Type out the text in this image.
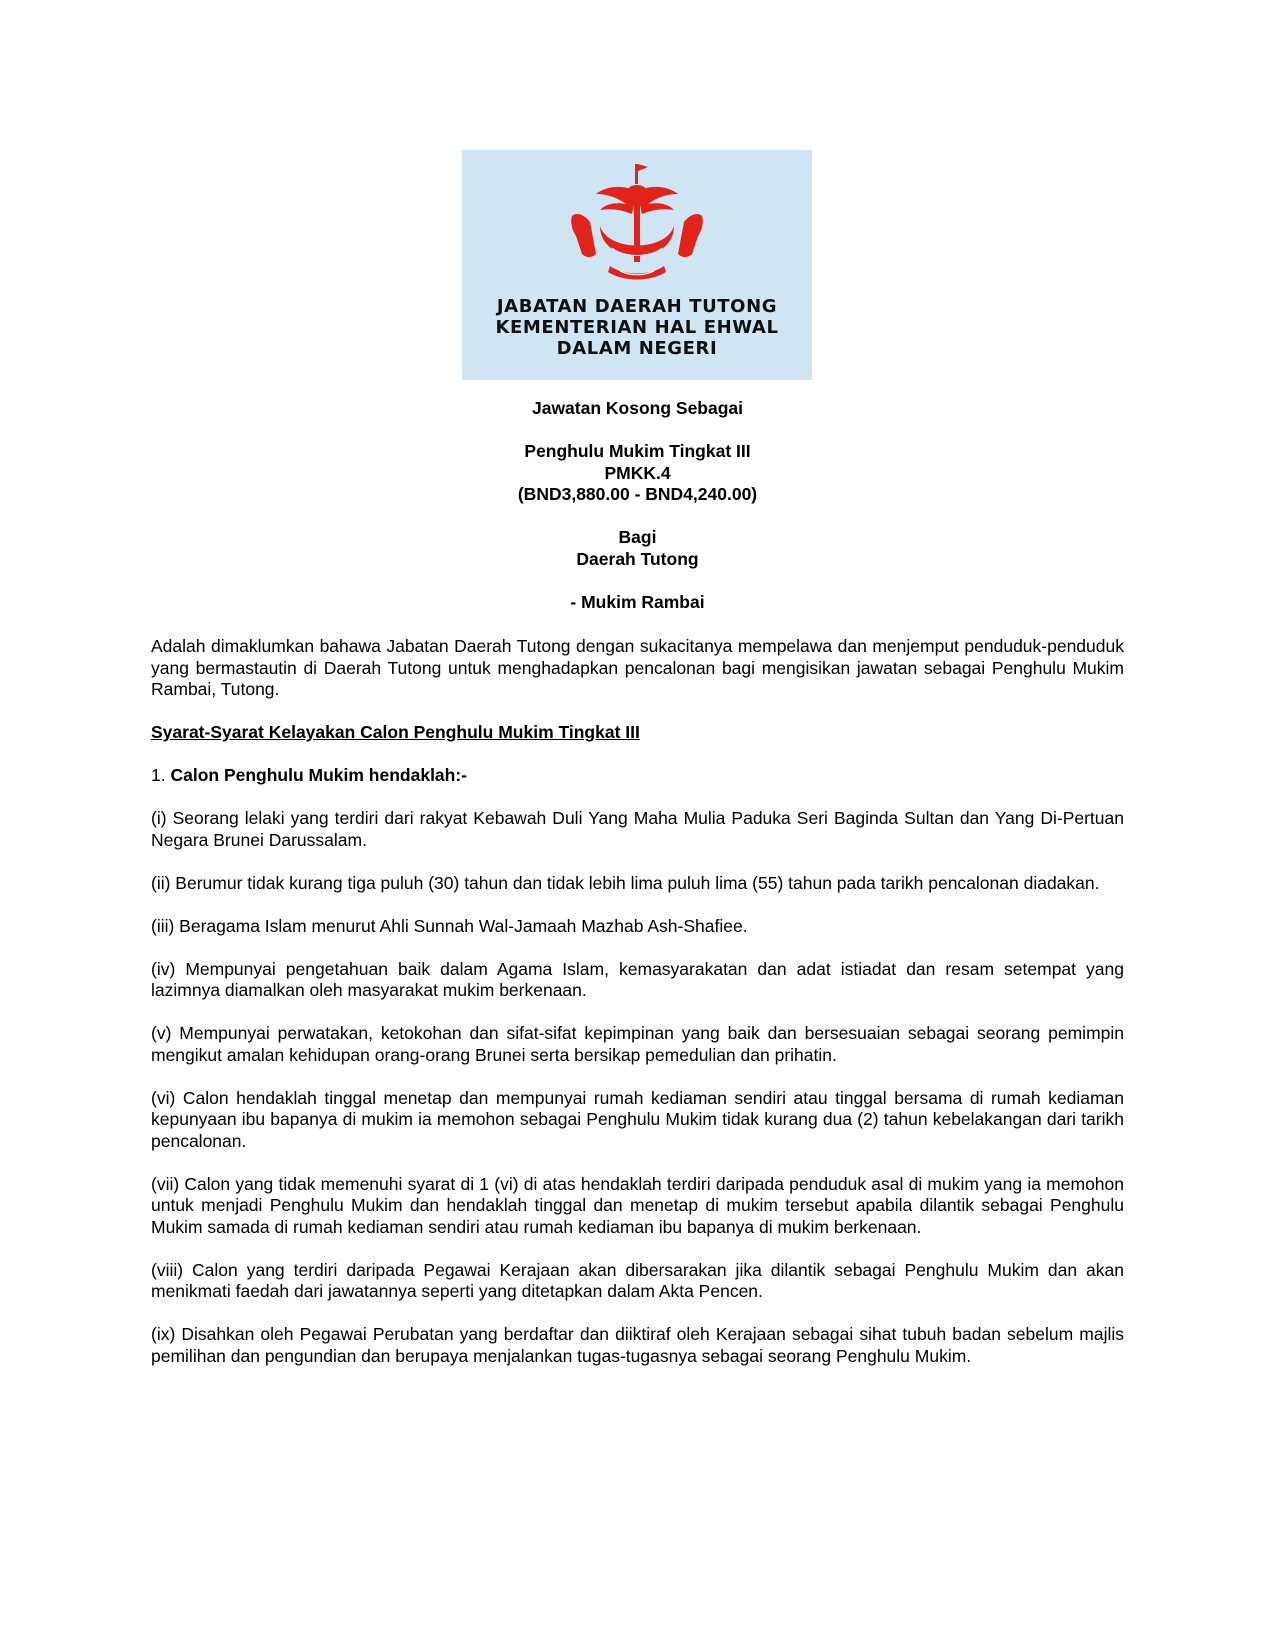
JABATAN DAERAH TUTONG
KEMENTERIAN HAL EHWAL
DALAM NEGERI
Jawatan Kosong Sebagai
Penghulu Mukim Tingkat III
PMKK.4
(BND3,880.00 - BND4,240.00)
Bagi
Daerah Tutong
- Mukim Rambai

Adalah dimaklumkan bahawa Jabatan Daerah Tutong dengan sukacitanya mempelawa dan menjemput penduduk-penduduk yang bermastautin di Daerah Tutong untuk menghadapkan pencalonan bagi mengisikan jawatan sebagai Penghulu Mukim Rambai, Tutong.

Syarat-Syarat Kelayakan Calon Penghulu Mukim Tingkat III

1. Calon Penghulu Mukim hendaklah:-

(i) Seorang lelaki yang terdiri dari rakyat Kebawah Duli Yang Maha Mulia Paduka Seri Baginda Sultan dan Yang Di-Pertuan Negara Brunei Darussalam.

(ii) Berumur tidak kurang tiga puluh (30) tahun dan tidak lebih lima puluh lima (55) tahun pada tarikh pencalonan diadakan.

(iii) Beragama Islam menurut Ahli Sunnah Wal-Jamaah Mazhab Ash-Shafiee.

(iv) Mempunyai pengetahuan baik dalam Agama Islam, kemasyarakatan dan adat istiadat dan resam setempat yang lazimnya diamalkan oleh masyarakat mukim berkenaan.

(v) Mempunyai perwatakan, ketokohan dan sifat-sifat kepimpinan yang baik dan bersesuaian sebagai seorang pemimpin mengikut amalan kehidupan orang-orang Brunei serta bersikap pemedulian dan prihatin.

(vi) Calon hendaklah tinggal menetap dan mempunyai rumah kediaman sendiri atau tinggal bersama di rumah kediaman kepunyaan ibu bapanya di mukim ia memohon sebagai Penghulu Mukim tidak kurang dua (2) tahun kebelakangan dari tarikh pencalonan.

(vii) Calon yang tidak memenuhi syarat di 1 (vi) di atas hendaklah terdiri daripada penduduk asal di mukim yang ia memohon untuk menjadi Penghulu Mukim dan hendaklah tinggal dan menetap di mukim tersebut apabila dilantik sebagai Penghulu Mukim samada di rumah kediaman sendiri atau rumah kediaman ibu bapanya di mukim berkenaan.

(viii) Calon yang terdiri daripada Pegawai Kerajaan akan dibersarakan jika dilantik sebagai Penghulu Mukim dan akan menikmati faedah dari jawatannya seperti yang ditetapkan dalam Akta Pencen.

(ix) Disahkan oleh Pegawai Perubatan yang berdaftar dan diiktiraf oleh Kerajaan sebagai sihat tubuh badan sebelum majlis pemilihan dan pengundian dan berupaya menjalankan tugas-tugasnya sebagai seorang Penghulu Mukim.
